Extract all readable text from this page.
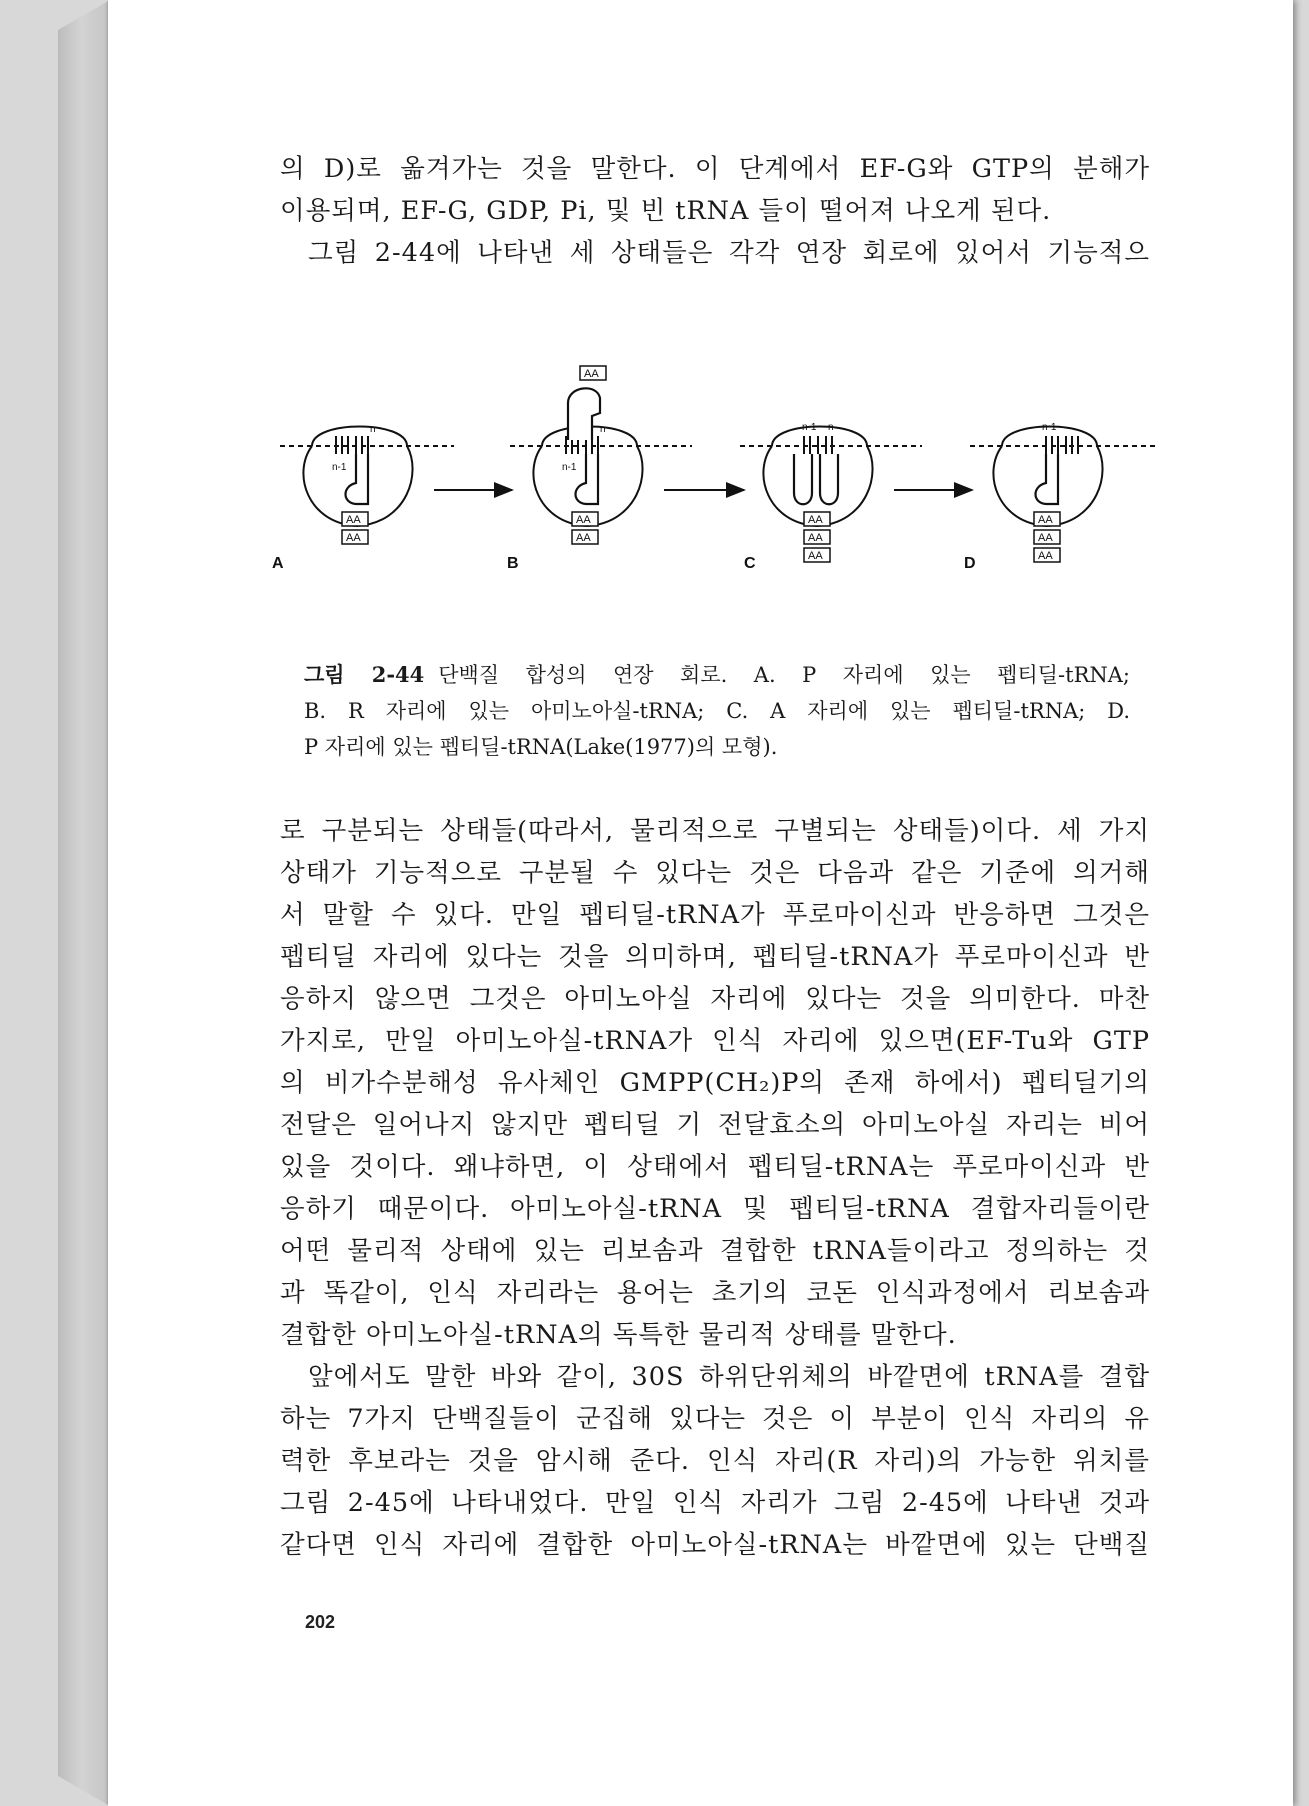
의 D)로 옮겨가는 것을 말한다. 이 단계에서 EF-G와 GTP의 분해가

이용되며, EF-G, GDP, Pi, 및 빈 tRNA 들이 떨어져 나오게 된다.

그림 2-44에 나타낸 세 상태들은 각각 연장 회로에 있어서 기능적으

n-1
n
AA
AA
A
AA
n-1
n
AA
AA
B
n-1 n
AA
AA
AA
C
n-1
AA
AA
AA
D

그림 2-44 단백질 합성의 연장 회로. A. P 자리에 있는 펩티딜-tRNA;

B. R 자리에 있는 아미노아실-tRNA; C. A 자리에 있는 펩티딜-tRNA; D.

P 자리에 있는 펩티딜-tRNA(Lake(1977)의 모형).

로 구분되는 상태들(따라서, 물리적으로 구별되는 상태들)이다. 세 가지

상태가 기능적으로 구분될 수 있다는 것은 다음과 같은 기준에 의거해

서 말할 수 있다. 만일 펩티딜-tRNA가 푸로마이신과 반응하면 그것은

펩티딜 자리에 있다는 것을 의미하며, 펩티딜-tRNA가 푸로마이신과 반

응하지 않으면 그것은 아미노아실 자리에 있다는 것을 의미한다. 마찬

가지로, 만일 아미노아실-tRNA가 인식 자리에 있으면(EF-Tu와 GTP

의 비가수분해성 유사체인 GMPP(CH₂)P의 존재 하에서) 펩티딜기의

전달은 일어나지 않지만 펩티딜 기 전달효소의 아미노아실 자리는 비어

있을 것이다. 왜냐하면, 이 상태에서 펩티딜-tRNA는 푸로마이신과 반

응하기 때문이다. 아미노아실-tRNA 및 펩티딜-tRNA 결합자리들이란

어떤 물리적 상태에 있는 리보솜과 결합한 tRNA들이라고 정의하는 것

과 똑같이, 인식 자리라는 용어는 초기의 코돈 인식과정에서 리보솜과

결합한 아미노아실-tRNA의 독특한 물리적 상태를 말한다.

앞에서도 말한 바와 같이, 30S 하위단위체의 바깥면에 tRNA를 결합

하는 7가지 단백질들이 군집해 있다는 것은 이 부분이 인식 자리의 유

력한 후보라는 것을 암시해 준다. 인식 자리(R 자리)의 가능한 위치를

그림 2-45에 나타내었다. 만일 인식 자리가 그림 2-45에 나타낸 것과

같다면 인식 자리에 결합한 아미노아실-tRNA는 바깥면에 있는 단백질

202
